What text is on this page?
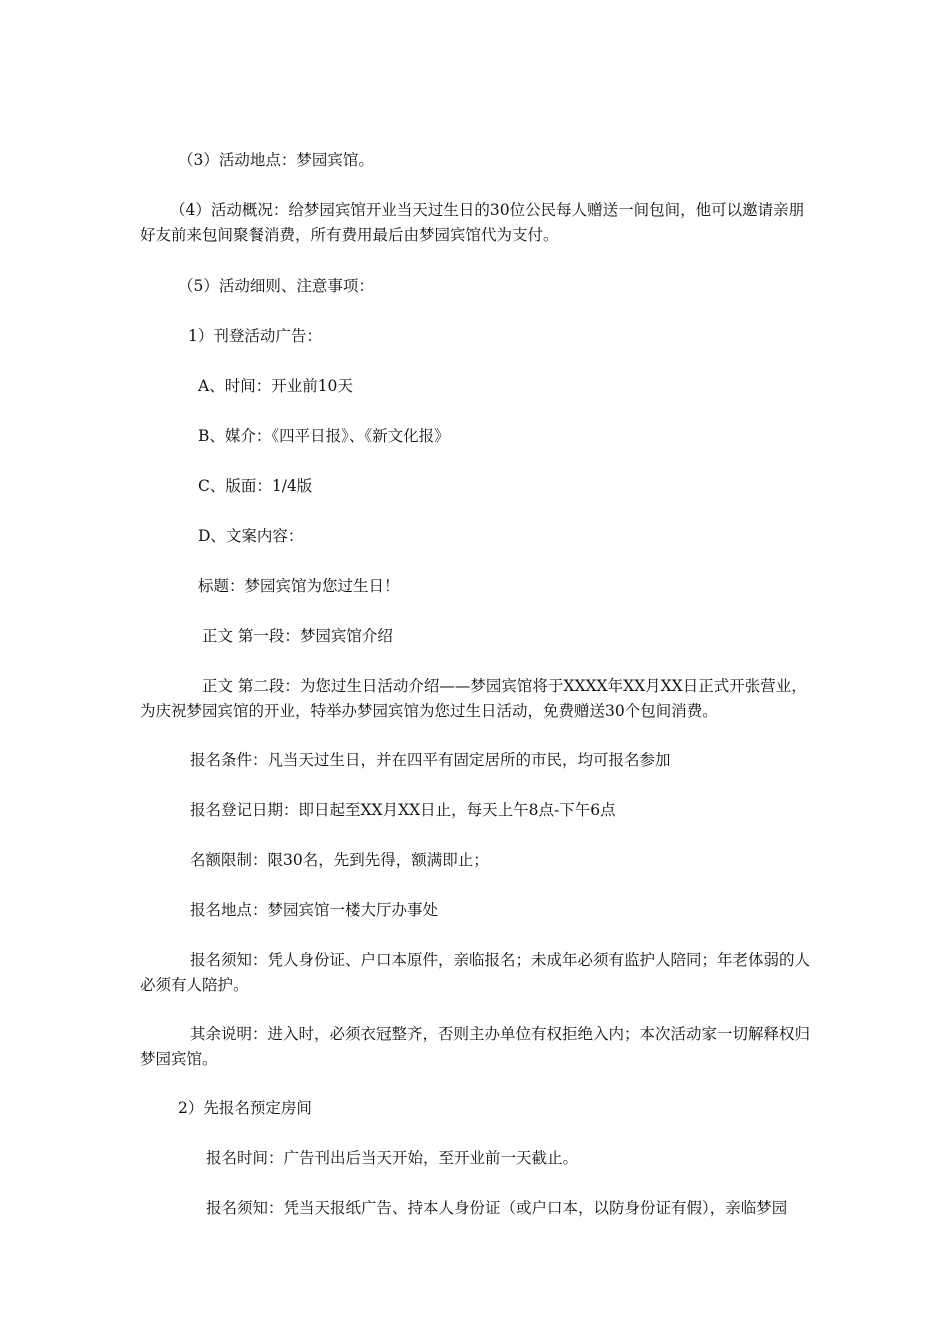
（3）活动地点：梦园宾馆。

（4）活动概况：给梦园宾馆开业当天过生日的30位公民每人赠送一间包间，他可以邀请亲朋好友前来包间聚餐消费，所有费用最后由梦园宾馆代为支付。

（5）活动细则、注意事项：

1）刊登活动广告：

A、时间：开业前10天

B、媒介：《四平日报》、《新文化报》

C、版面：1/4版

D、文案内容：

标题：梦园宾馆为您过生日！

正文 第一段：梦园宾馆介绍

正文 第二段：为您过生日活动介绍——梦园宾馆将于XXXX年XX月XX日正式开张营业，为庆祝梦园宾馆的开业，特举办梦园宾馆为您过生日活动，免费赠送30个包间消费。

报名条件：凡当天过生日，并在四平有固定居所的市民，均可报名参加

报名登记日期：即日起至XX月XX日止，每天上午8点-下午6点

名额限制：限30名，先到先得，额满即止；

报名地点：梦园宾馆一楼大厅办事处

报名须知：凭人身份证、户口本原件，亲临报名；未成年必须有监护人陪同；年老体弱的人必须有人陪护。

其余说明：进入时，必须衣冠整齐，否则主办单位有权拒绝入内；本次活动家一切解释权归梦园宾馆。

2）先报名预定房间

报名时间：广告刊出后当天开始，至开业前一天截止。

报名须知：凭当天报纸广告、持本人身份证（或户口本，以防身份证有假），亲临梦园
